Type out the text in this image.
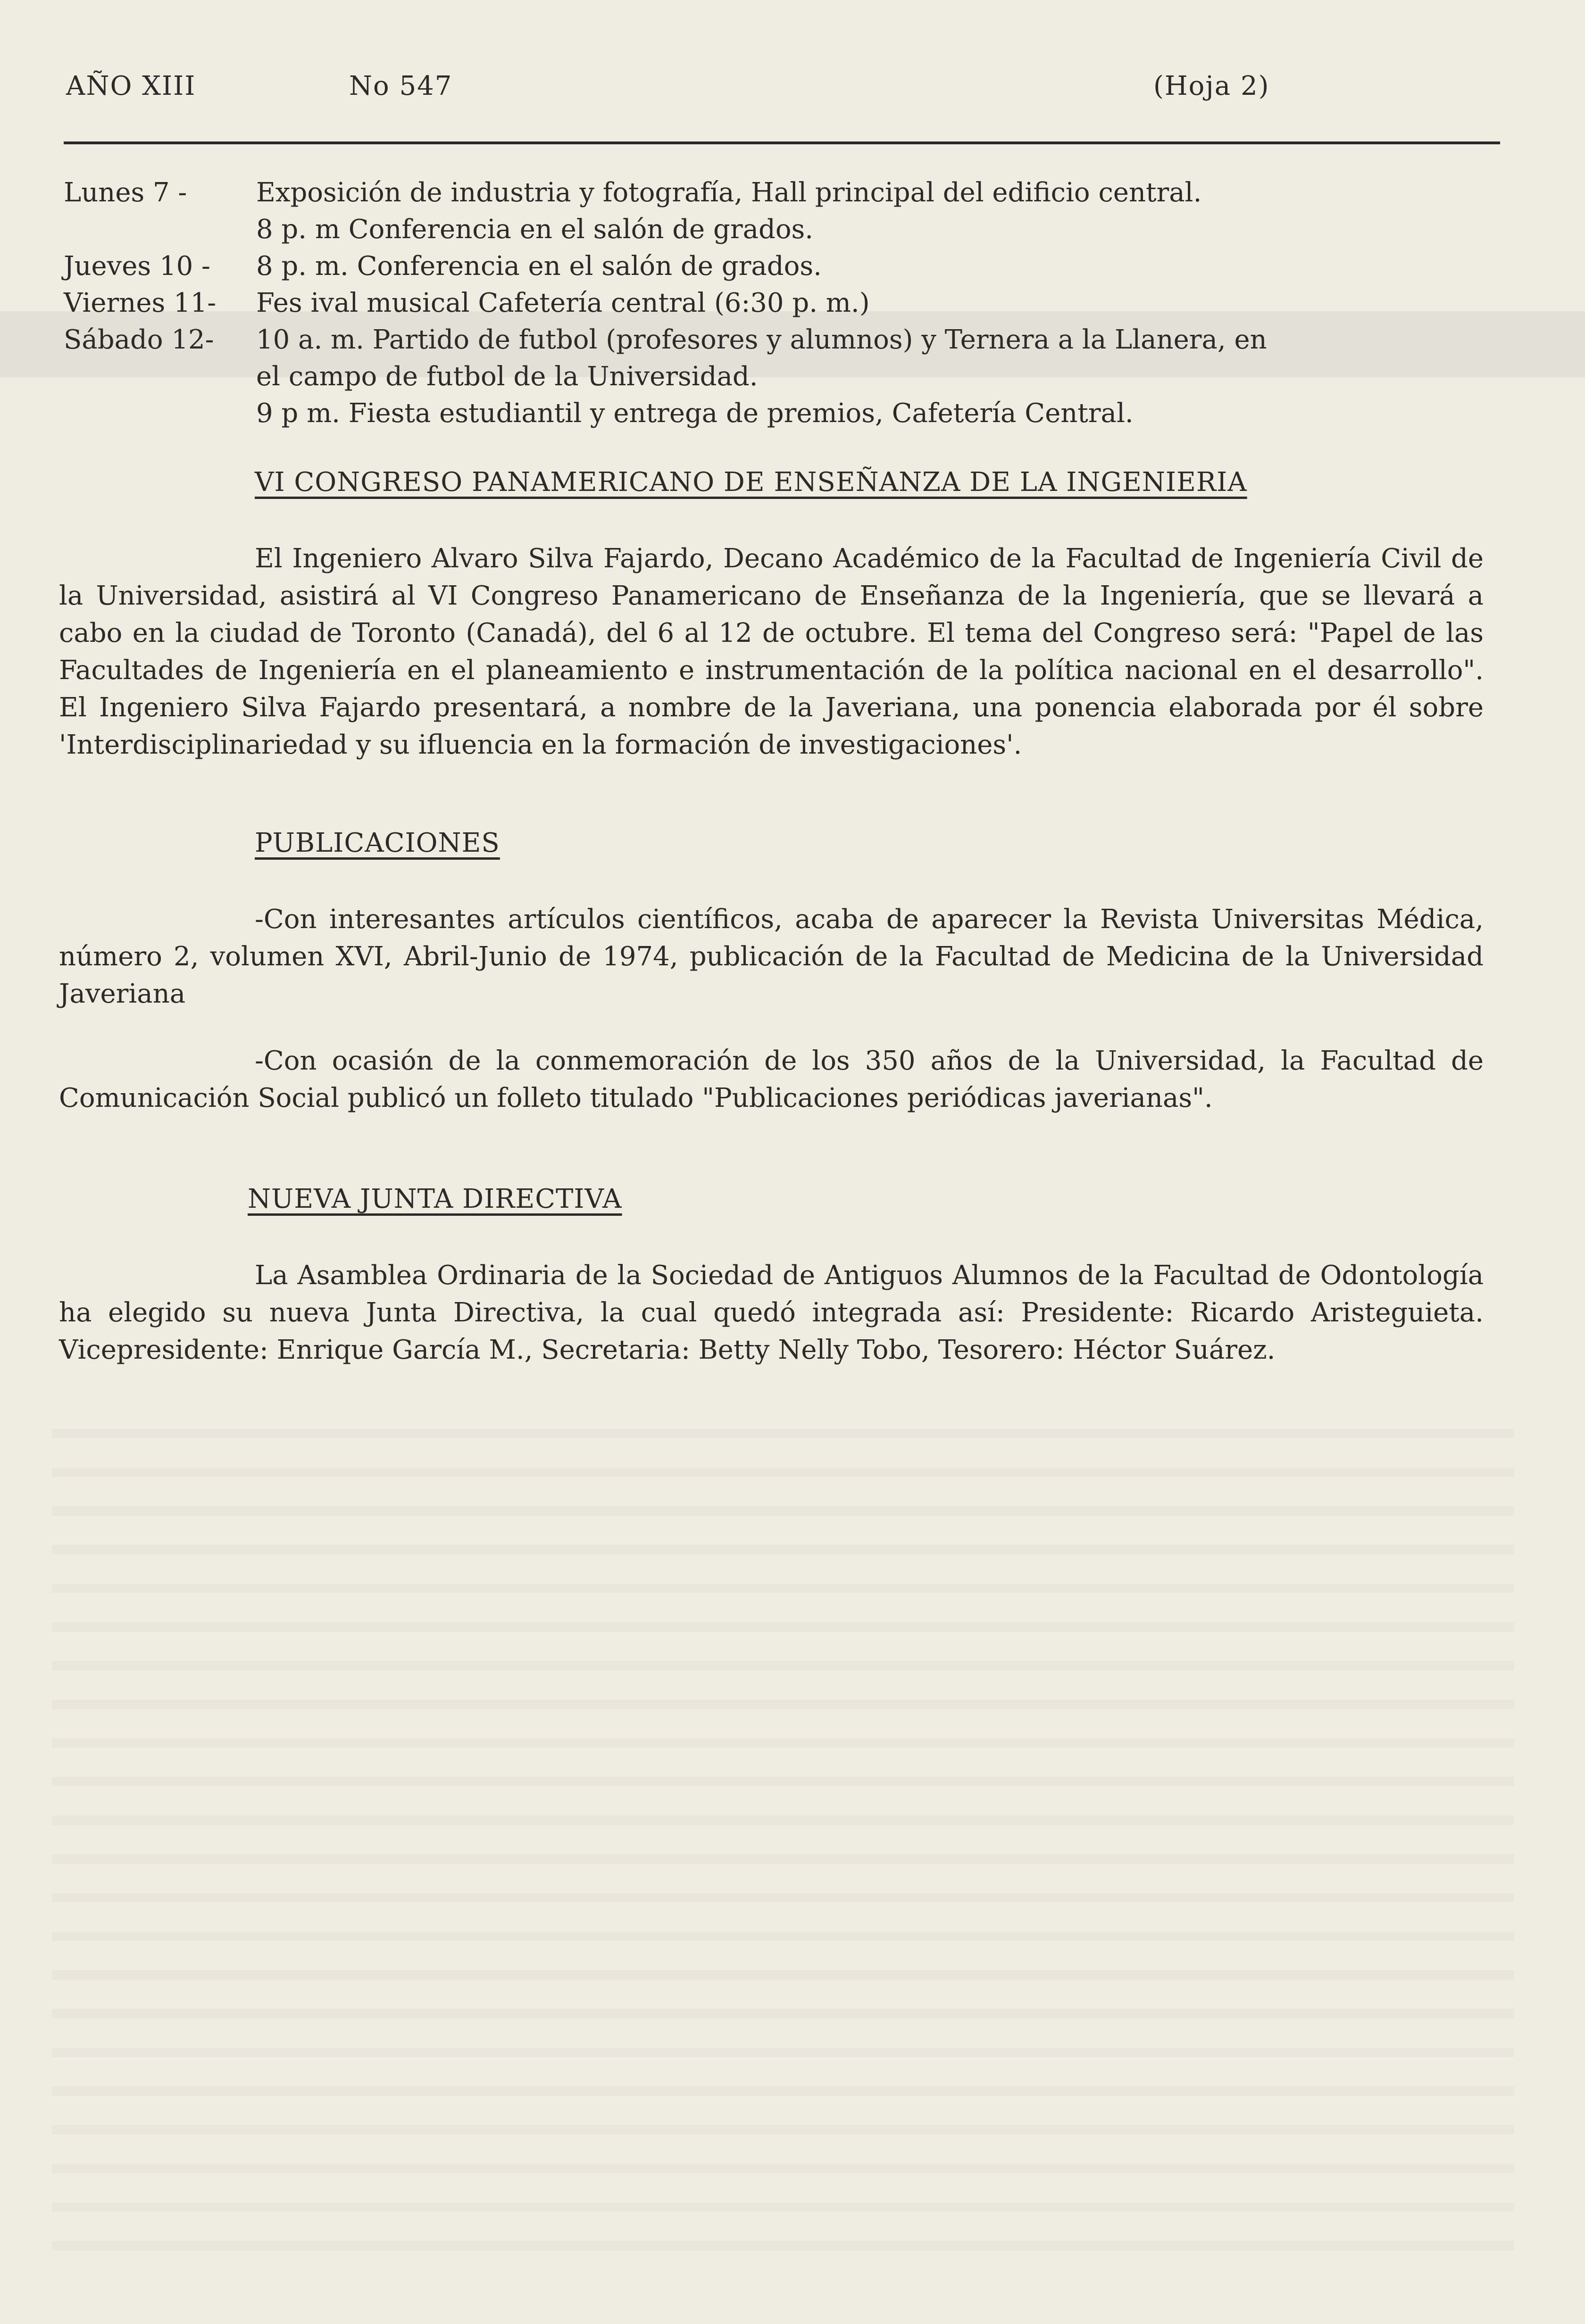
AÑO XIII	No 547	(Hoja 2)
Lunes 7 -	Exposición de industria y fotografía, Hall principal del edificio central.
8 p. m Conferencia en el salón de grados.
Jueves 10 -	8 p. m. Conferencia en el salón de grados.
Viernes 11-	Fes ival musical Cafetería central (6:30 p. m.)
Sábado 12-	10 a. m. Partido de futbol (profesores y alumnos) y Ternera a la Llanera, en
el campo de futbol de la Universidad.
9 p m. Fiesta estudiantil y entrega de premios, Cafetería Central.
VI CONGRESO PANAMERICANO DE ENSEÑANZA DE LA INGENIERIA

El Ingeniero Alvaro Silva Fajardo, Decano Académico de la Facultad de Ingeniería Civil de la Universidad, asistirá al VI Congreso Panamericano de Enseñanza de la Ingeniería, que se llevará a cabo en la ciudad de Toronto (Canadá), del 6 al 12 de octubre. El tema del Congreso será: "Papel de las Facultades de Ingeniería en el planeamiento e instrumentación de la política nacional en el desarrollo". El Ingeniero Silva Fajardo presentará, a nombre de la Javeriana, una ponencia elaborada por él sobre 'Interdisciplinariedad y su ifluencia en la formación de investigaciones'.

PUBLICACIONES

-Con interesantes artículos científicos, acaba de aparecer la Revista Universitas Médica, número 2, volumen XVI, Abril-Junio de 1974, publicación de la Facultad de Medicina de la Universidad Javeriana

-Con ocasión de la conmemoración de los 350 años de la Universidad, la Facultad de Comunicación Social publicó un folleto titulado "Publicaciones periódicas javerianas".

NUEVA JUNTA DIRECTIVA

La Asamblea Ordinaria de la Sociedad de Antiguos Alumnos de la Facultad de Odontología ha elegido su nueva Junta Directiva, la cual quedó integrada así: Presidente: Ricardo Aristeguieta. Vicepresidente: Enrique García M., Secretaria: Betty Nelly Tobo, Tesorero: Héctor Suárez.
